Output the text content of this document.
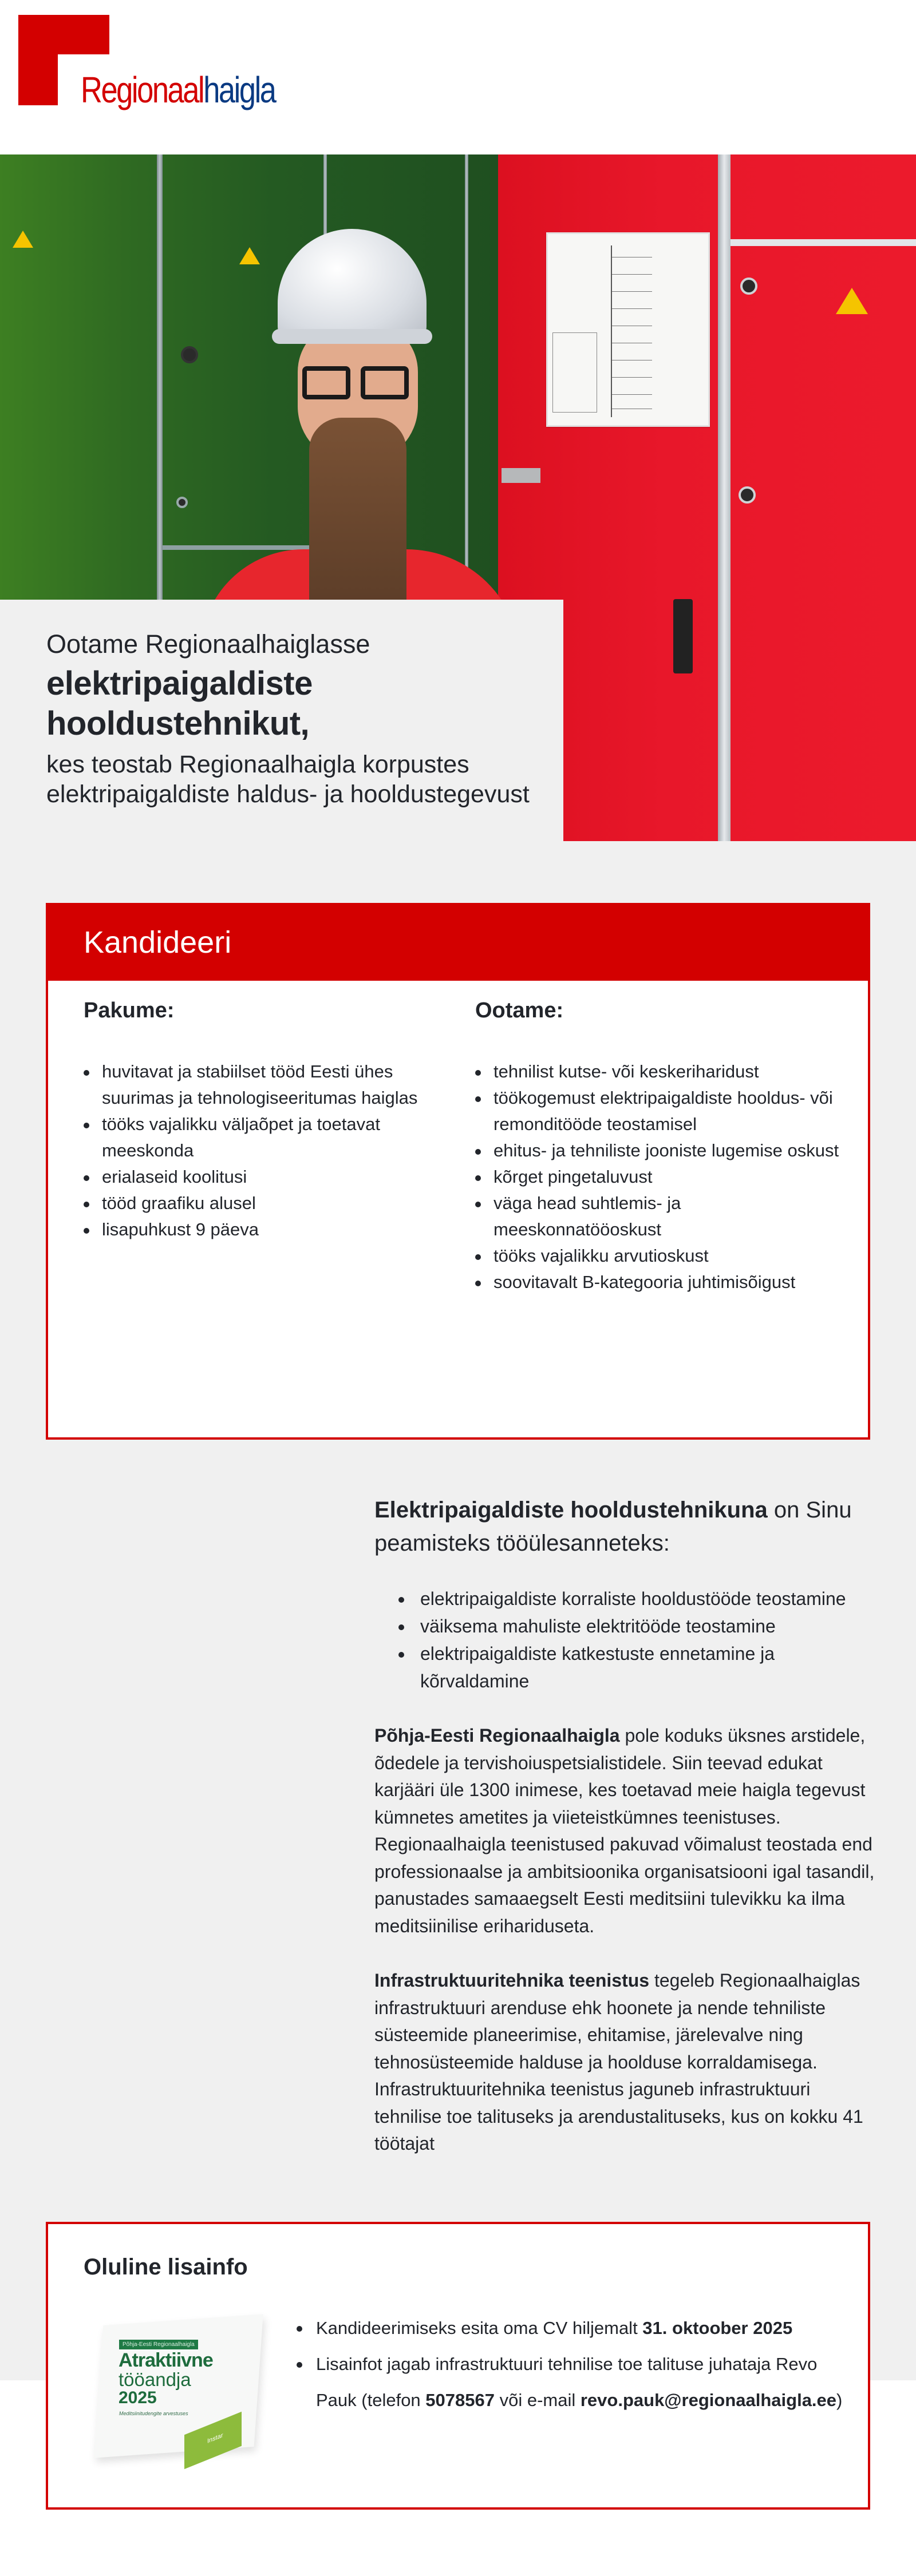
Regionaalhaigla
Ootame Regionaalhaiglasse
elektripaigaldiste
hooldustehnikut,
kes teostab Regionaalhaigla korpustes elektripaigaldiste haldus- ja hooldustegevust
Kandideeri
Pakume:
huvitavat ja stabiilset tööd Eesti ühes suurimas ja tehnologiseeritumas haiglas
tööks vajalikku väljaõpet ja toetavat meeskonda
erialaseid koolitusi
tööd graafiku alusel
lisapuhkust 9 päeva
Ootame:
tehnilist kutse- või keskeriharidust
töökogemust elektripaigaldiste hooldus- või remonditööde teostamisel
ehitus- ja tehniliste jooniste lugemise oskust
kõrget pingetaluvust
väga head suhtlemis- ja meeskonnatööoskust
tööks vajalikku arvutioskust
soovitavalt B-kategooria juhtimisõigust
Elektripaigaldiste hooldustehnikuna on Sinu peamisteks tööülesanneteks:
elektripaigaldiste korraliste hooldustööde teostamine
väiksema mahuliste elektritööde teostamine
elektripaigaldiste katkestuste ennetamine ja kõrvaldamine

Põhja-Eesti Regionaalhaigla pole koduks üksnes arstidele, õdedele ja tervishoiuspetsialistidele. Siin teevad edukat karjääri üle 1300 inimese, kes toetavad meie haigla tegevust kümnetes ametites ja viieteistkümnes teenistuses. Regionaalhaigla teenistused pakuvad võimalust teostada end professionaalse ja ambitsioonika organisatsiooni igal tasandil, panustades samaaegselt Eesti meditsiini tulevikku ka ilma meditsiinilise erihariduseta.

Infrastruktuuritehnika teenistus tegeleb Regionaalhaiglas infrastruktuuri arenduse ehk hoonete ja nende tehniliste süsteemide planeerimise, ehitamise, järelevalve ning tehnosüsteemide halduse ja hoolduse korraldamisega. Infrastruktuuritehnika teenistus jaguneb infrastruktuuri tehnilise toe talituseks ja arendustalituseks, kus on kokku 41 töötajat

Oluline lisainfo
Instar
Põhja-Eesti Regionaalhaigla
Atraktiivne
tööandja
2025
Meditsiinitudengite arvestuses
Kandideerimiseks esita oma CV hiljemalt 31. oktoober 2025
Lisainfot jagab infrastruktuuri tehnilise toe talituse juhataja Revo Pauk (telefon 5078567 või e-mail revo.pauk@regionaalhaigla.ee)
